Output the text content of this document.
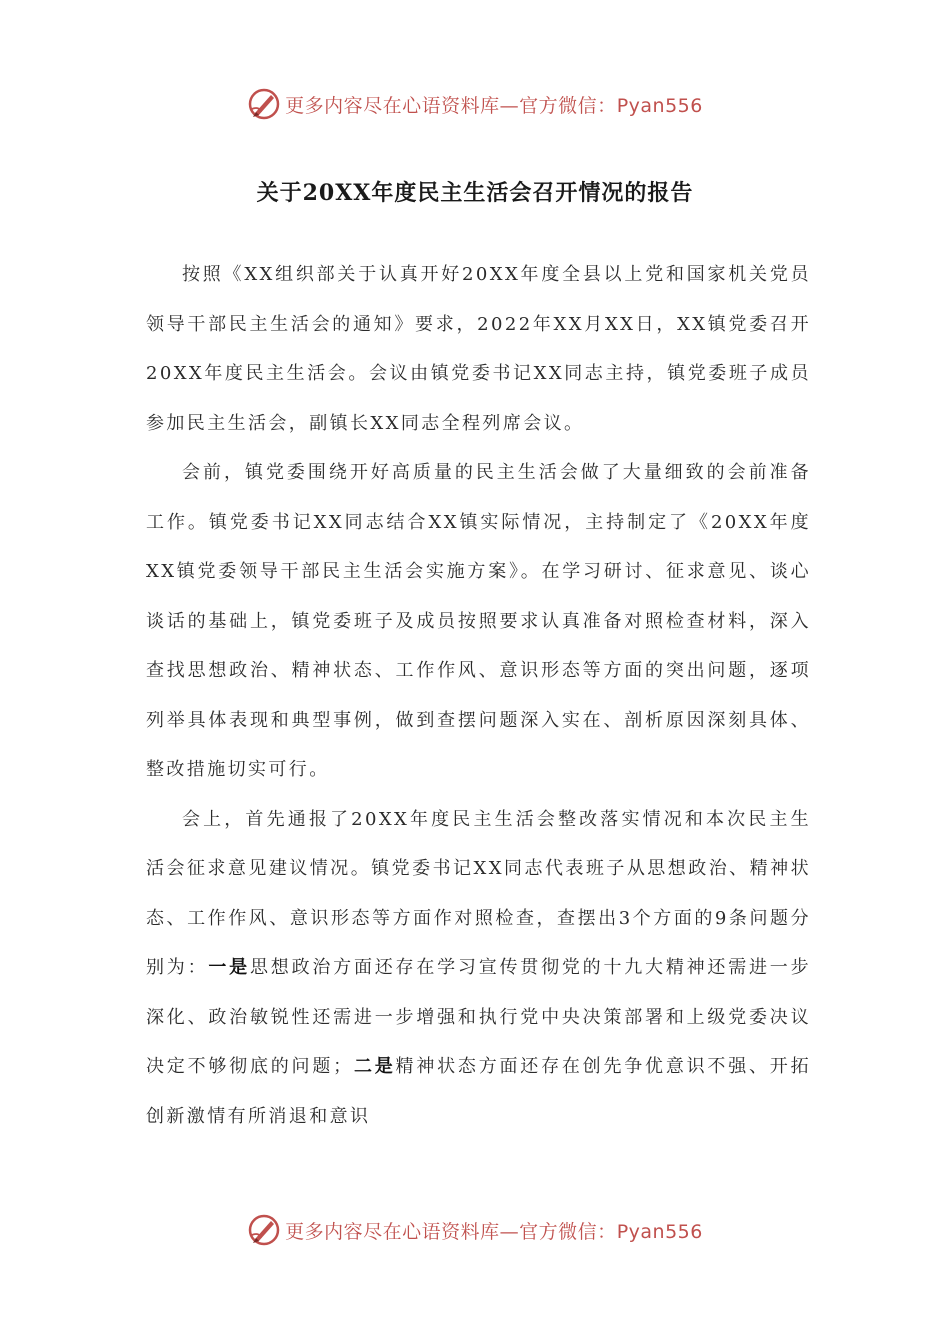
更多内容尽在心语资料库—官方微信：Pyan556
关于20XX年度民主生活会召开情况的报告

按照《XX组织部关于认真开好20XX年度全县以上党和国家机关党员领导干部民主生活会的通知》要求，2022年XX月XX日，XX镇党委召开20XX年度民主生活会。会议由镇党委书记XX同志主持，镇党委班子成员参加民主生活会，副镇长XX同志全程列席会议。

会前，镇党委围绕开好高质量的民主生活会做了大量细致的会前准备工作。镇党委书记XX同志结合XX镇实际情况，主持制定了《20XX年度XX镇党委领导干部民主生活会实施方案》。在学习研讨、征求意见、谈心谈话的基础上，镇党委班子及成员按照要求认真准备对照检查材料，深入查找思想政治、精神状态、工作作风、意识形态等方面的突出问题，逐项列举具体表现和典型事例，做到查摆问题深入实在、剖析原因深刻具体、整改措施切实可行。

会上，首先通报了20XX年度民主生活会整改落实情况和本次民主生活会征求意见建议情况。镇党委书记XX同志代表班子从思想政治、精神状态、工作作风、意识形态等方面作对照检查，查摆出3个方面的9条问题分别为：一是思想政治方面还存在学习宣传贯彻党的十九大精神还需进一步深化、政治敏锐性还需进一步增强和执行党中央决策部署和上级党委决议决定不够彻底的问题；二是精神状态方面还存在创先争优意识不强、开拓创新激情有所消退和意识

更多内容尽在心语资料库—官方微信：Pyan556
